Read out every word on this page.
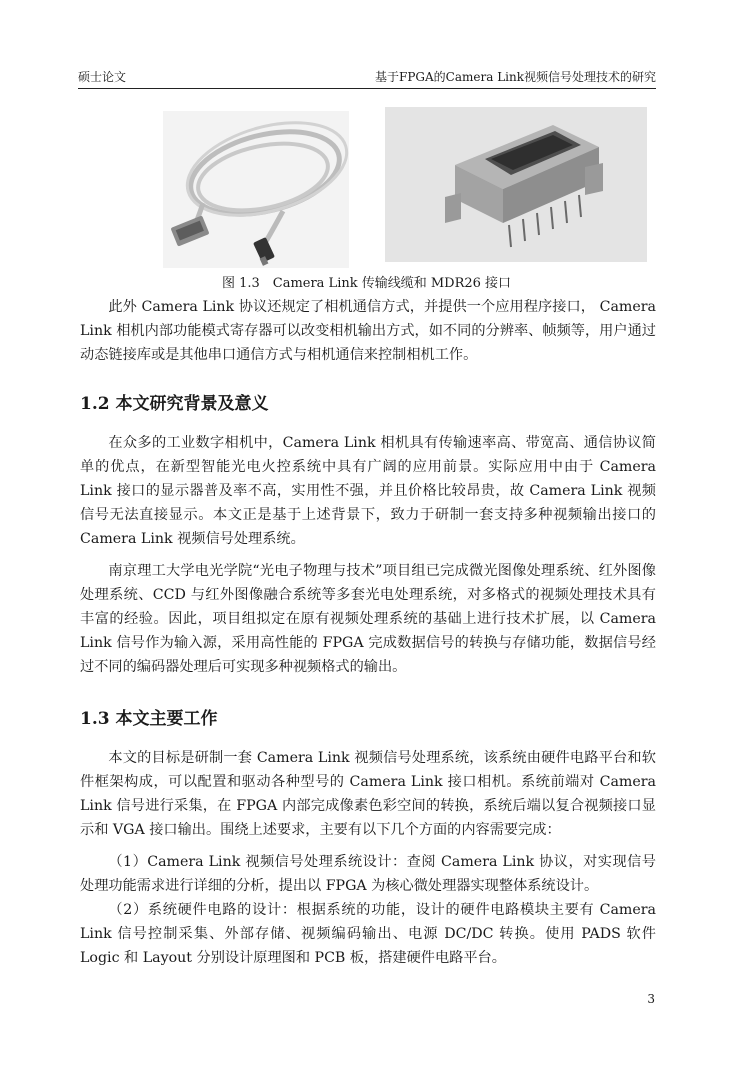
硕士论文	基于FPGA的Camera Link视频信号处理技术的研究
图 1.3　Camera Link 传输线缆和 MDR26 接口

此外 Camera Link 协议还规定了相机通信方式，并提供一个应用程序接口， Camera Link 相机内部功能模式寄存器可以改变相机输出方式，如不同的分辨率、帧频等，用户通过动态链接库或是其他串口通信方式与相机通信来控制相机工作。

1.2 本文研究背景及意义

在众多的工业数字相机中，Camera Link 相机具有传输速率高、带宽高、通信协议简单的优点，在新型智能光电火控系统中具有广阔的应用前景。实际应用中由于 Camera Link 接口的显示器普及率不高，实用性不强，并且价格比较昂贵，故 Camera Link 视频信号无法直接显示。本文正是基于上述背景下，致力于研制一套支持多种视频输出接口的 Camera Link 视频信号处理系统。

南京理工大学电光学院“光电子物理与技术”项目组已完成微光图像处理系统、红外图像处理系统、CCD 与红外图像融合系统等多套光电处理系统，对多格式的视频处理技术具有丰富的经验。因此，项目组拟定在原有视频处理系统的基础上进行技术扩展，以 Camera Link 信号作为输入源，采用高性能的 FPGA 完成数据信号的转换与存储功能，数据信号经过不同的编码器处理后可实现多种视频格式的输出。

1.3 本文主要工作

本文的目标是研制一套 Camera Link 视频信号处理系统，该系统由硬件电路平台和软件框架构成，可以配置和驱动各种型号的 Camera Link 接口相机。系统前端对 Camera Link 信号进行采集，在 FPGA 内部完成像素色彩空间的转换，系统后端以复合视频接口显示和 VGA 接口输出。围绕上述要求，主要有以下几个方面的内容需要完成：

（1）Camera Link 视频信号处理系统设计：查阅 Camera Link 协议，对实现信号处理功能需求进行详细的分析，提出以 FPGA 为核心微处理器实现整体系统设计。

（2）系统硬件电路的设计：根据系统的功能，设计的硬件电路模块主要有 Camera Link 信号控制采集、外部存储、视频编码输出、电源 DC/DC 转换。使用 PADS 软件 Logic 和 Layout 分别设计原理图和 PCB 板，搭建硬件电路平台。

3
